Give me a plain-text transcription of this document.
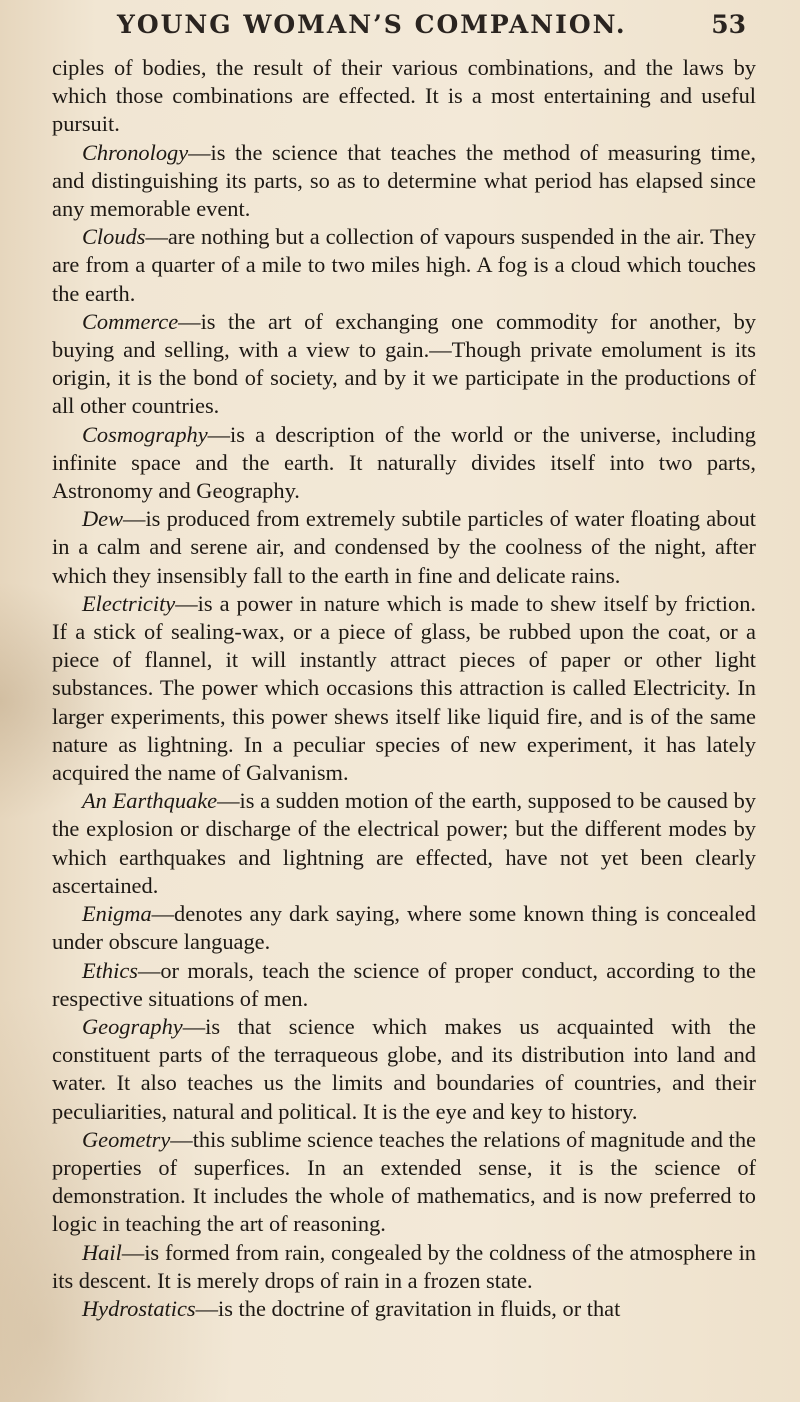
YOUNG WOMAN’S COMPANION.	53

ciples of bodies, the result of their various combinations, and the laws by which those combinations are effected. It is a most entertaining and useful pursuit.

Chronology—is the science that teaches the method of measuring time, and distinguishing its parts, so as to determine what period has elapsed since any memorable event.

Clouds—are nothing but a collection of vapours suspended in the air. They are from a quarter of a mile to two miles high. A fog is a cloud which touches the earth.

Commerce—is the art of exchanging one commodity for another, by buying and selling, with a view to gain.—Though private emolument is its origin, it is the bond of society, and by it we participate in the productions of all other countries.

Cosmography—is a description of the world or the universe, including infinite space and the earth. It naturally divides itself into two parts, Astronomy and Geography.

Dew—is produced from extremely subtile particles of water floating about in a calm and serene air, and condensed by the coolness of the night, after which they insensibly fall to the earth in fine and delicate rains.

Electricity—is a power in nature which is made to shew itself by friction. If a stick of sealing-wax, or a piece of glass, be rubbed upon the coat, or a piece of flannel, it will instantly attract pieces of paper or other light substances. The power which occasions this attraction is called Electricity. In larger experiments, this power shews itself like liquid fire, and is of the same nature as lightning. In a peculiar species of new experiment, it has lately acquired the name of Galvanism.

An Earthquake—is a sudden motion of the earth, supposed to be caused by the explosion or discharge of the electrical power; but the different modes by which earthquakes and lightning are effected, have not yet been clearly ascertained.

Enigma—denotes any dark saying, where some known thing is concealed under obscure language.

Ethics—or morals, teach the science of proper conduct, according to the respective situations of men.

Geography—is that science which makes us acquainted with the constituent parts of the terraqueous globe, and its distribution into land and water. It also teaches us the limits and boundaries of countries, and their peculiarities, natural and political. It is the eye and key to history.

Geometry—this sublime science teaches the relations of magnitude and the properties of superfices. In an extended sense, it is the science of demonstration. It includes the whole of mathematics, and is now preferred to logic in teaching the art of reasoning.

Hail—is formed from rain, congealed by the coldness of the atmosphere in its descent. It is merely drops of rain in a frozen state.

Hydrostatics—is the doctrine of gravitation in fluids, or that
